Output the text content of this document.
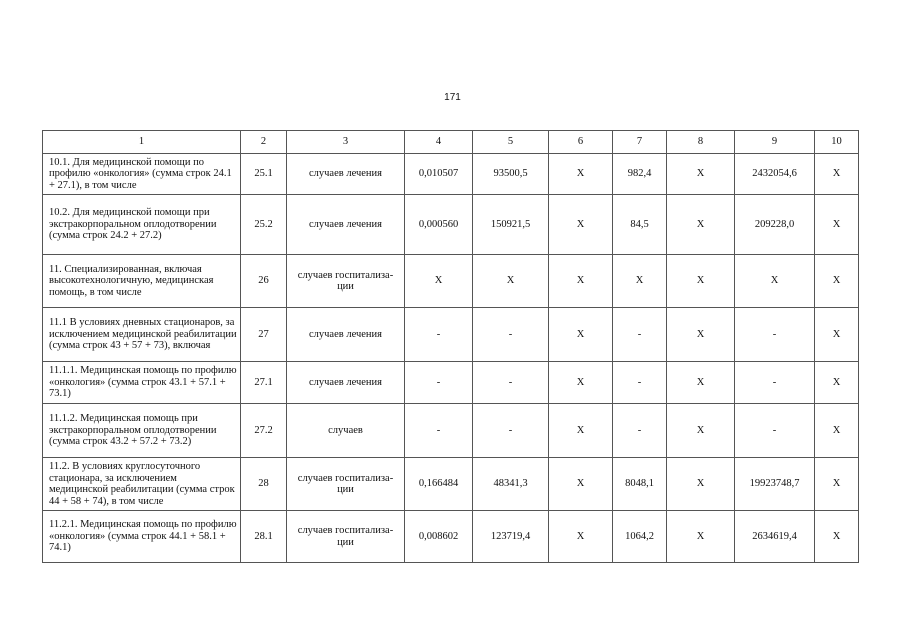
171
1	2	3	4	5	6	7	8	9	10
10.1. Для медицинской помощи по профилю «онкология» (сумма строк 24.1 + 27.1), в том числе	25.1	случаев лечения	0,010507	93500,5	X	982,4	X	2432054,6	X
10.2. Для медицинской помощи при экстракорпоральном оплодотворении (сумма строк 24.2 + 27.2)	25.2	случаев лечения	0,000560	150921,5	X	84,5	X	209228,0	X
11. Специализированная, включая высокотехнологичную, медицинская помощь, в том числе	26	случаев госпитализа-ции	X	X	X	X	X	X	X
11.1 В условиях дневных стационаров, за исключением медицинской реабилитации (сумма строк 43 + 57 + 73), включая	27	случаев лечения	-	-	X	-	X	-	X
11.1.1. Медицинская помощь по профилю «онкология» (сумма строк 43.1 + 57.1 + 73.1)	27.1	случаев лечения	-	-	X	-	X	-	X
11.1.2. Медицинская помощь при экстракорпоральном оплодотворении (сумма строк 43.2 + 57.2 + 73.2)	27.2	случаев	-	-	X	-	X	-	X
11.2. В условиях круглосуточного стационара, за исключением медицинской реабилитации (сумма строк 44 + 58 + 74), в том числе	28	случаев госпитализа-ции	0,166484	48341,3	X	8048,1	X	19923748,7	X
11.2.1. Медицинская помощь по профилю «онкология» (сумма строк 44.1 + 58.1 + 74.1)	28.1	случаев госпитализа-ции	0,008602	123719,4	X	1064,2	X	2634619,4	X
